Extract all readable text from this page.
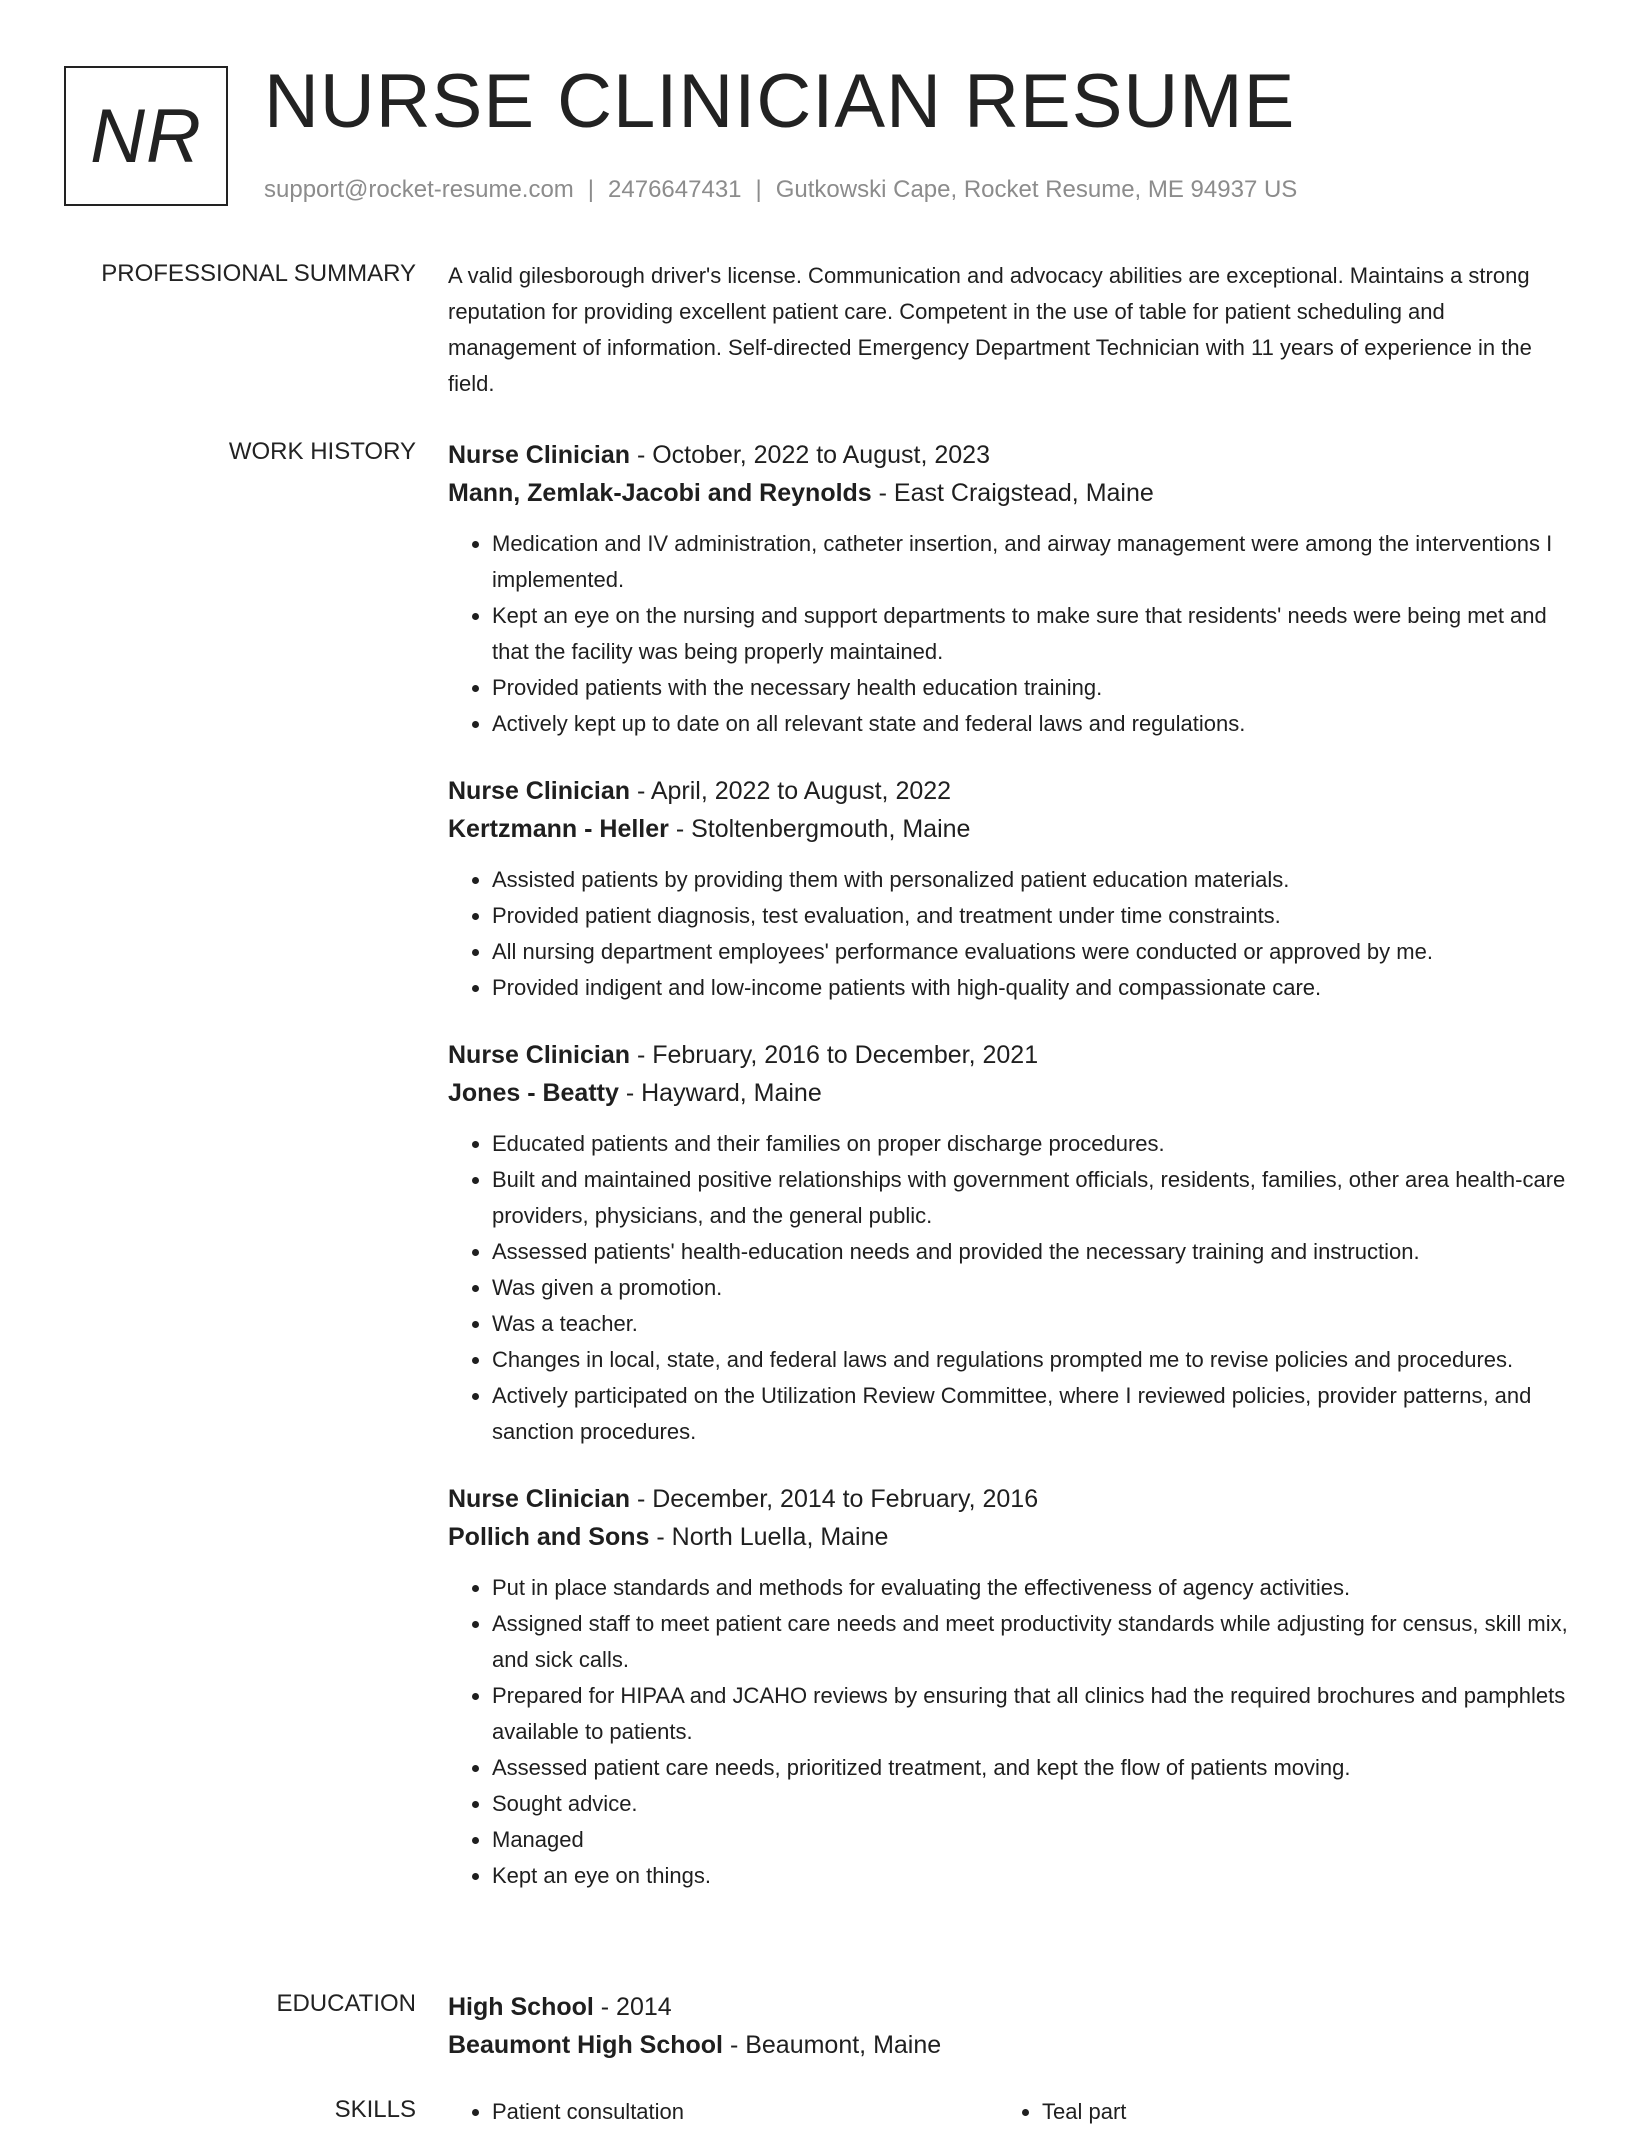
NR NURSE CLINICIAN RESUME
support@rocket-resume.com | 2476647431 | Gutkowski Cape, Rocket Resume, ME 94937 US
PROFESSIONAL SUMMARY A valid gilesborough driver's license. Communication and advocacy abilities are exceptional. Maintains a strong reputation for providing excellent patient care. Competent in the use of table for patient scheduling and management of information. Self-directed Emergency Department Technician with 11 years of experience in the field.
WORK HISTORY Nurse Clinician - October, 2022 to August, 2023
Mann, Zemlak-Jacobi and Reynolds - East Craigstead, Maine
• Medication and IV administration, catheter insertion, and airway management were among the interventions I implemented.
• Kept an eye on the nursing and support departments to make sure that residents' needs were being met and that the facility was being properly maintained.
• Provided patients with the necessary health education training.
• Actively kept up to date on all relevant state and federal laws and regulations.
Nurse Clinician - April, 2022 to August, 2022
Kertzmann - Heller - Stoltenbergmouth, Maine
• Assisted patients by providing them with personalized patient education materials.
• Provided patient diagnosis, test evaluation, and treatment under time constraints.
• All nursing department employees' performance evaluations were conducted or approved by me.
• Provided indigent and low-income patients with high-quality and compassionate care.
Nurse Clinician - February, 2016 to December, 2021
Jones - Beatty - Hayward, Maine
• Educated patients and their families on proper discharge procedures.
• Built and maintained positive relationships with government officials, residents, families, other area health-care providers, physicians, and the general public.
• Assessed patients' health-education needs and provided the necessary training and instruction.
• Was given a promotion.
• Was a teacher.
• Changes in local, state, and federal laws and regulations prompted me to revise policies and procedures.
• Actively participated on the Utilization Review Committee, where I reviewed policies, provider patterns, and sanction procedures.
Nurse Clinician - December, 2014 to February, 2016
Pollich and Sons - North Luella, Maine
• Put in place standards and methods for evaluating the effectiveness of agency activities.
• Assigned staff to meet patient care needs and meet productivity standards while adjusting for census, skill mix, and sick calls.
• Prepared for HIPAA and JCAHO reviews by ensuring that all clinics had the required brochures and pamphlets available to patients.
• Assessed patient care needs, prioritized treatment, and kept the flow of patients moving.
• Sought advice.
• Managed
• Kept an eye on things.
EDUCATION High School - 2014
Beaumont High School - Beaumont, Maine
SKILLS	• Patient consultation	• Teal part
